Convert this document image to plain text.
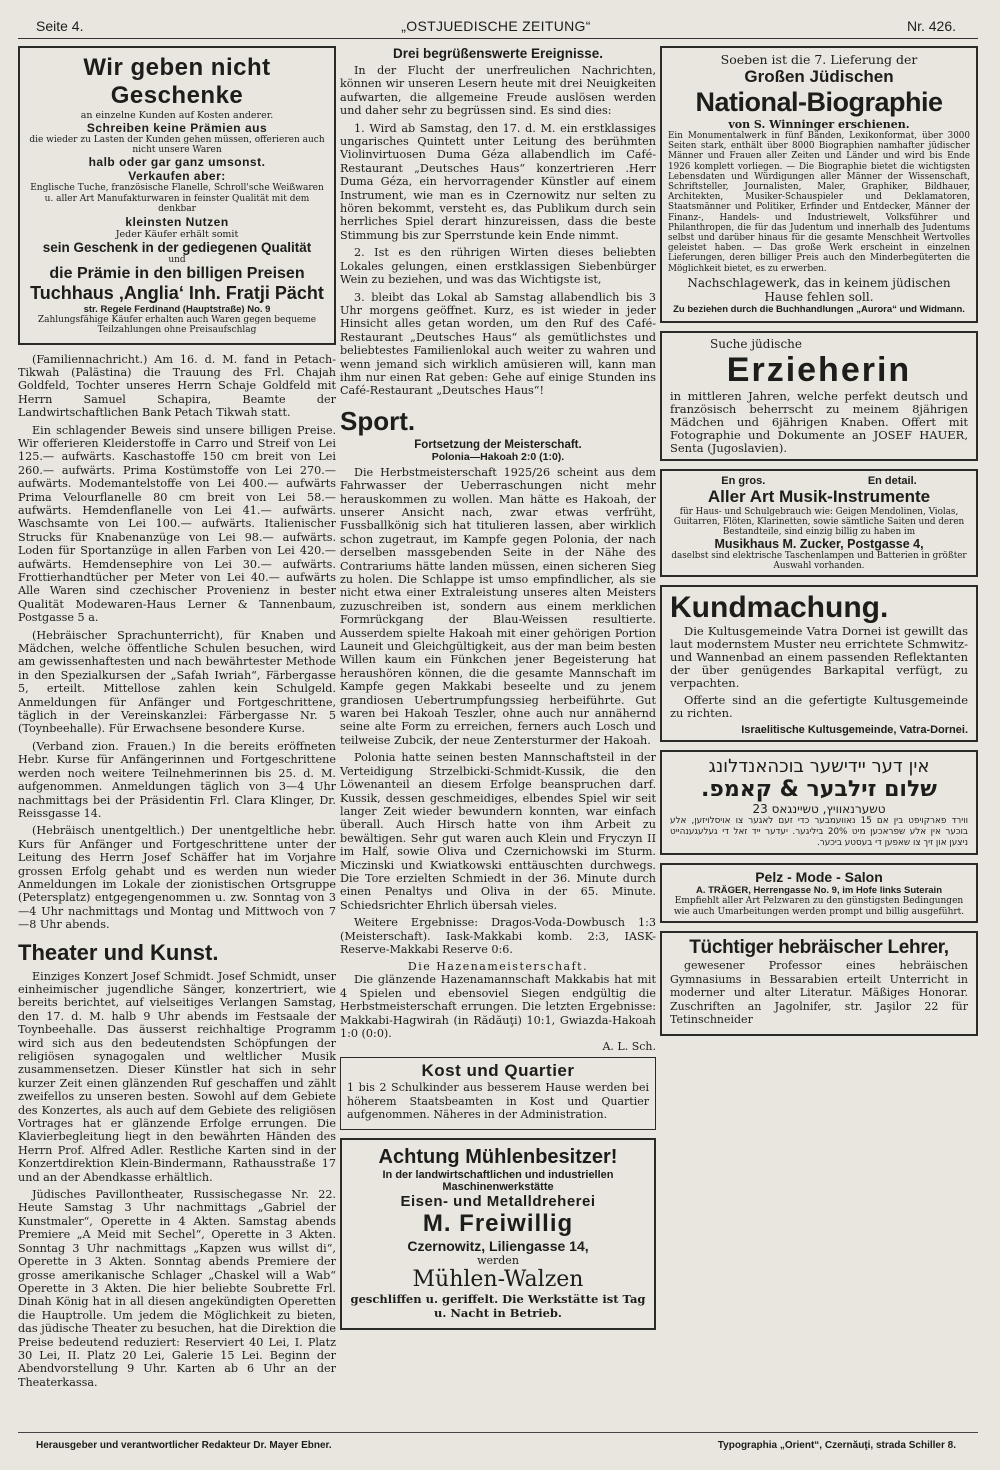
Seite 4.	„OSTJUEDISCHE ZEITUNG“	Nr. 426.
Wir geben nicht Geschenke
an einzelne Kunden auf Kosten anderer.
Schreiben keine Prämien aus
die wieder zu Lasten der Kunden gehen müssen, offerieren auch nicht unsere Waren
halb oder gar ganz umsonst.
Verkaufen aber:
Englische Tuche, französische Flanelle, Schroll'sche Weißwaren u. aller Art Manufakturwaren in feinster Qualität mit dem denkbar
kleinsten Nutzen
Jeder Käufer erhält somit
sein Geschenk in der gediegenen Qualität
und
die Prämie in den billigen Preisen
Tuchhaus ‚Anglia‘ Inh. Fratji Pächt
str. Regele Ferdinand (Hauptstraße) No. 9
Zahlungsfähige Käufer erhalten auch Waren gegen bequeme Teilzahlungen ohne Preisaufschlag

(Familiennachricht.) Am 16. d. M. fand in Petach-Tikwah (Palästina) die Trauung des Frl. Chajah Goldfeld, Tochter unseres Herrn Schaje Goldfeld mit Herrn Samuel Schapira, Beamte der Landwirtschaftlichen Bank Petach Tikwah statt.

Ein schlagender Beweis sind unsere billigen Preise. Wir offerieren Kleiderstoffe in Carro und Streif von Lei 125.— aufwärts. Kaschastoffe 150 cm breit von Lei 260.— aufwärts. Prima Kostümstoffe von Lei 270.— aufwärts. Modemantelstoffe von Lei 400.— aufwärts Prima Velourflanelle 80 cm breit von Lei 58.— aufwärts. Hemdenflanelle von Lei 41.— aufwärts. Waschsamte von Lei 100.— aufwärts. Italienischer Strucks für Knabenanzüge von Lei 98.— aufwärts. Loden für Sportanzüge in allen Farben von Lei 420.— aufwärts. Hemdensephire von Lei 30.— aufwärts. Frottierhandtücher per Meter von Lei 40.— aufwärts Alle Waren sind czechischer Provenienz in bester Qualität Modewaren-Haus Lerner & Tannenbaum, Postgasse 5 a.

(Hebräischer Sprachunterricht), für Knaben und Mädchen, welche öffentliche Schulen besuchen, wird am gewissenhaftesten und nach bewährtester Methode in den Spezialkursen der „Safah Iwriah“, Färbergasse 5, erteilt. Mittellose zahlen kein Schulgeld. Anmeldungen für Anfänger und Fortgeschrittene, täglich in der Vereinskanzlei: Färbergasse Nr. 5 (Toynbeehalle). Für Erwachsene besondere Kurse.

(Verband zion. Frauen.) In die bereits eröffneten Hebr. Kurse für Anfängerinnen und Fortgeschrittene werden noch weitere Teilnehmerinnen bis 25. d. M. aufgenommen. Anmeldungen täglich von 3—4 Uhr nachmittags bei der Präsidentin Frl. Clara Klinger, Dr. Reissgasse 14.

(Hebräisch unentgeltlich.) Der unentgeltliche hebr. Kurs für Anfänger und Fortgeschrittene unter der Leitung des Herrn Josef Schäffer hat im Vorjahre grossen Erfolg gehabt und es werden nun wieder Anmeldungen im Lokale der zionistischen Ortsgruppe (Petersplatz) entgegengenommen u. zw. Sonntag von 3—4 Uhr nachmittags und Montag und Mittwoch von 7—8 Uhr abends.

Theater und Kunst.

Einziges Konzert Josef Schmidt. Josef Schmidt, unser einheimischer jugendliche Sänger, konzertriert, wie bereits berichtet, auf vielseitiges Verlangen Samstag, den 17. d. M. halb 9 Uhr abends im Festsaale der Toynbeehalle. Das äusserst reichhaltige Programm wird sich aus den bedeutendsten Schöpfungen der religiösen synagogalen und weltlicher Musik zusammensetzen. Dieser Künstler hat sich in sehr kurzer Zeit einen glänzenden Ruf geschaffen und zählt zweifellos zu unseren besten. Sowohl auf dem Gebiete des Konzertes, als auch auf dem Gebiete des religiösen Vortrages hat er glänzende Erfolge errungen. Die Klavierbegleitung liegt in den bewährten Händen des Herrn Prof. Alfred Adler. Restliche Karten sind in der Konzertdirektion Klein-Bindermann, Rathausstraße 17 und an der Abendkasse erhältlich.

Jüdisches Pavillontheater, Russischegasse Nr. 22. Heute Samstag 3 Uhr nachmittags „Gabriel der Kunstmaler“, Operette in 4 Akten. Samstag abends Premiere „A Meid mit Sechel“, Operette in 3 Akten. Sonntag 3 Uhr nachmittags „Kapzen wus willst di“, Operette in 3 Akten. Sonntag abends Premiere der grosse amerikanische Schlager „Chaskel will a Wab“ Operette in 3 Akten. Die hier beliebte Soubrette Frl. Dinah König hat in all diesen angekündigten Operetten die Hauptrolle. Um jedem die Möglichkeit zu bieten, das jüdische Theater zu besuchen, hat die Direktion die Preise bedeutend reduziert: Reserviert 40 Lei, I. Platz 30 Lei, II. Platz 20 Lei, Galerie 15 Lei. Beginn der Abendvorstellung 9 Uhr. Karten ab 6 Uhr an der Theaterkassa.

Drei begrüßenswerte Ereignisse.

In der Flucht der unerfreulichen Nachrichten, können wir unseren Lesern heute mit drei Neuigkeiten aufwarten, die allgemeine Freude auslösen werden und daher sehr zu begrüssen sind. Es sind dies:

1. Wird ab Samstag, den 17. d. M. ein erstklassiges ungarisches Quintett unter Leitung des berühmten Violinvirtuosen Duma Géza allabendlich im Café-Restaurant „Deutsches Haus“ konzertrieren .Herr Duma Géza, ein hervorragender Künstler auf einem Instrument, wie man es in Czernowitz nur selten zu hören bekommt, versteht es, das Publikum durch sein herrliches Spiel derart hinzureissen, dass die beste Stimmung bis zur Sperrstunde kein Ende nimmt.

2. Ist es den rührigen Wirten dieses beliebten Lokales gelungen, einen erstklassigen Siebenbürger Wein zu beziehen, und was das Wichtigste ist,

3. bleibt das Lokal ab Samstag allabendlich bis 3 Uhr morgens geöffnet. Kurz, es ist wieder in jeder Hinsicht alles getan worden, um den Ruf des Café-Restaurant „Deutsches Haus“ als gemütlichstes und beliebtestes Familienlokal auch weiter zu wahren und wenn jemand sich wirklich amüsieren will, kann man ihm nur einen Rat geben: Gehe auf einige Stunden ins Café-Restaurant „Deutsches Haus“!

Sport.
Fortsetzung der Meisterschaft.
Polonia—Hakoah 2:0 (1:0).

Die Herbstmeisterschaft 1925/26 scheint aus dem Fahrwasser der Ueberraschungen nicht mehr herauskommen zu wollen. Man hätte es Hakoah, der unserer Ansicht nach, zwar etwas verfrüht, Fussballkönig sich hat titulieren lassen, aber wirklich schon zugetraut, im Kampfe gegen Polonia, der nach derselben massgebenden Seite in der Nähe des Contrariums hätte landen müssen, einen sicheren Sieg zu holen. Die Schlappe ist umso empfindlicher, als sie nicht etwa einer Extraleistung unseres alten Meisters zuzuschreiben ist, sondern aus einem merklichen Formrückgang der Blau-Weissen resultierte. Ausserdem spielte Hakoah mit einer gehörigen Portion Launeit und Gleichgültigkeit, aus der man beim besten Willen kaum ein Fünkchen jener Begeisterung hat heraushören können, die die gesamte Mannschaft im Kampfe gegen Makkabi beseelte und zu jenem grandiosen Uebertrumpfungssieg herbeiführte. Gut waren bei Hakoah Teszler, ohne auch nur annähernd seine alte Form zu erreichen, ferners auch Losch und teilweise Zubcik, der neue Zentersturmer der Hakoah.

Polonia hatte seinen besten Mannschaftsteil in der Verteidigung Strzelbicki-Schmidt-Kussik, die den Löwenanteil an diesem Erfolge beanspruchen darf. Kussik, dessen geschmeidiges, elbendes Spiel wir seit langer Zeit wieder bewundern konnten, war einfach überall. Auch Hirsch hatte von ihm Arbeit zu bewältigen. Sehr gut waren auch Klein und Fryczyn II im Half, sowie Oliva und Czernichowski im Sturm. Miczinski und Kwiatkowski enttäuschten durchwegs. Die Tore erzielten Schmiedt in der 36. Minute durch einen Penaltys und Oliva in der 65. Minute. Schiedsrichter Ehrlich übersah vieles.

Weitere Ergebnisse: Dragos-Voda-Dowbusch 1:3 (Meisterschaft). Iask-Makkabi komb. 2:3, IASK-Reserve-Makkabi Reserve 0:6.

Die Hazenameisterschaft.

Die glänzende Hazenamannschaft Makkabis hat mit 4 Spielen und ebensoviel Siegen endgültig die Herbstmeisterschaft errungen. Die letzten Ergebnisse: Makkabi-Hagwirah (in Rădăuţi) 10:1, Gwiazda-Hakoah 1:0 (0:0).

A. L. Sch.
Kost und Quartier

1 bis 2 Schulkinder aus besserem Hause werden bei höherem Staatsbeamten in Kost und Quartier aufgenommen. Näheres in der Administration.

Achtung Mühlenbesitzer!
In der landwirtschaftlichen und industriellen Maschinenwerkstätte
Eisen- und Metalldreherei
M. Freiwillig
Czernowitz, Liliengasse 14,
werden
Mühlen-Walzen
geschliffen u. geriffelt. Die Werkstätte ist Tag u. Nacht in Betrieb.
Soeben ist die 7. Lieferung der
Großen Jüdischen
National-Biographie
von S. Winninger erschienen.
Ein Monumentalwerk in fünf Bänden, Lexikonformat, über 3000 Seiten stark, enthält über 8000 Biographien namhafter jüdischer Männer und Frauen aller Zeiten und Länder und wird bis Ende 1926 komplett vorliegen. — Die Biographie bietet die wichtigsten Lebensdaten und Würdigungen aller Männer der Wissenschaft, Schriftsteller, Journalisten, Maler, Graphiker, Bildhauer, Architekten, Musiker-Schauspieler und Deklamatoren, Staatsmänner und Politiker, Erfinder und Entdecker, Männer der Finanz-, Handels- und Industriewelt, Volksführer und Philanthropen, die für das Judentum und innerhalb des Judentums selbst und darüber hinaus für die gesamte Menschheit Wertvolles geleistet haben. — Das große Werk erscheint in einzelnen Lieferungen, deren billiger Preis auch den Minderbegüterten die Möglichkeit bietet, es zu erwerben.
Nachschlagewerk, das in keinem jüdischen Hause fehlen soll.
Zu beziehen durch die Buchhandlungen „Aurora“ und Widmann.
Suche jüdische
Erzieherin
in mittleren Jahren, welche perfekt deutsch und französisch beherrscht zu meinem 8jährigen Mädchen und 6jährigen Knaben. Offert mit Fotographie und Dokumente an JOSEF HAUER, Senta (Jugoslavien).
En gros.	En detail.
Aller Art Musik-Instrumente
für Haus- und Schulgebrauch wie: Geigen Mendolinen, Violas, Guitarren, Flöten, Klarinetten, sowie sämtliche Saiten und deren Bestandteile, sind einzig billig zu haben im
Musikhaus M. Zucker, Postgasse 4,
daselbst sind elektrische Taschenlampen und Batterien in größter Auswahl vorhanden.
Kundmachung.

Die Kultusgemeinde Vatra Dornei ist gewillt das laut modernstem Muster neu errichtete Schmwitz- und Wannenbad an einem passenden Reflektanten der über genügendes Barkapital verfügt, zu verpachten.

Offerte sind an die gefertigte Kultusgemeinde zu richten.

Israelitische Kultusgemeinde, Vatra-Dornei.
אין דער יידישער בוכהאנדלונג
שלום זילבער & קאמפ.
טשערנאוויץ, טשיינגאס 23
ווירד פארקויפט בין אם 15 נאוועמבער כדי זעם לאגער צו אויסלויזען, אלע בוכער אין אלע שפראכען מיט 20% ביליגער. יעדער ייד זאל די געלעגענהייט ניצען און זיך צו שאפען די בעסטע ביכער.
Pelz - Mode - Salon
A. TRÄGER, Herrengasse No. 9, im Hofe links Suterain
Empfiehlt aller Art Pelzwaren zu den günstigsten Bedingungen wie auch Umarbeitungen werden prompt und billig ausgeführt.
Tüchtiger hebräischer Lehrer,

gewesener Professor eines hebräischen Gymnasiums in Bessarabien erteilt Unterricht in moderner und alter Literatur. Mäßiges Honorar. Zuschriften an Jagolnifer, str. Jaşilor 22 für Tetinschneider

Herausgeber und verantwortlicher Redakteur Dr. Mayer Ebner.	Typographia „Orient“, Czernăuţi, strada Schiller 8.
